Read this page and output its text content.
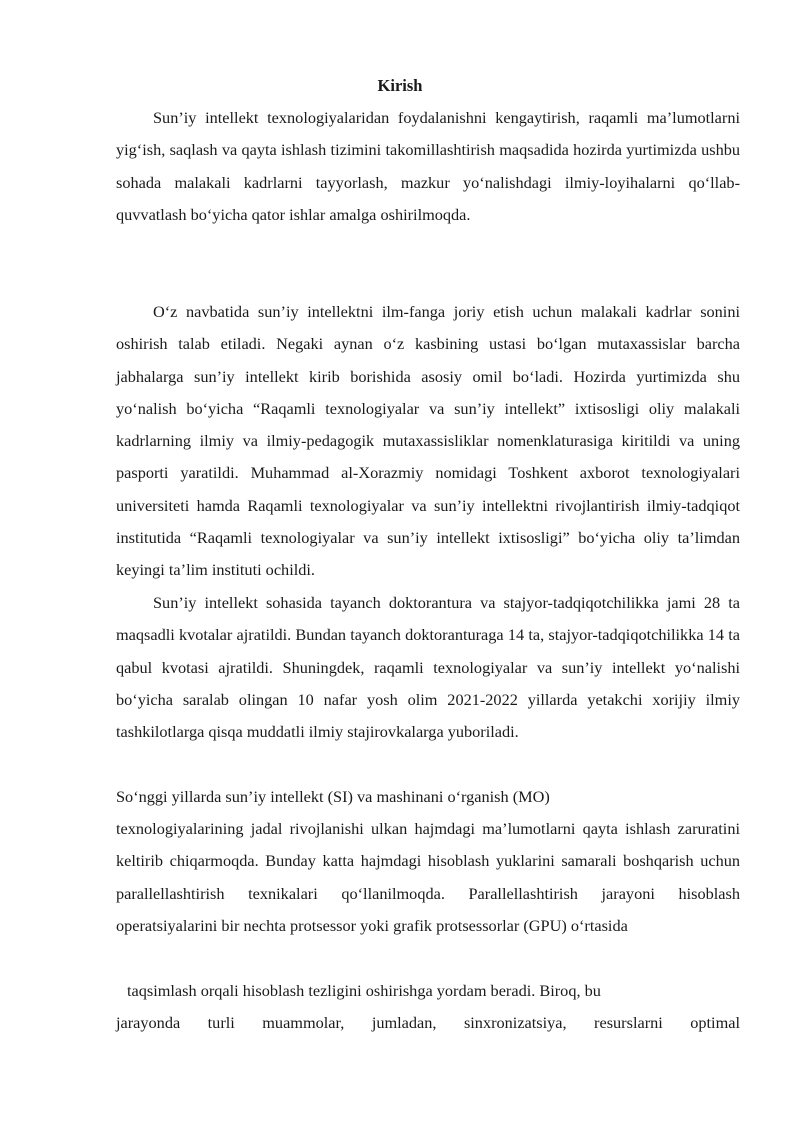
Kirish

Sun’iy intellekt texnologiyalaridan foydalanishni kengaytirish, raqamli ma’lumotlarni yig‘ish, saqlash va qayta ishlash tizimini takomillashtirish maqsadida hozirda yurtimizda ushbu sohada malakali kadrlarni tayyorlash, mazkur yo‘nalishdagi ilmiy-loyihalarni qo‘llab-quvvatlash bo‘yicha qator ishlar amalga oshirilmoqda.

O‘z navbatida sun’iy intellektni ilm-fanga joriy etish uchun malakali kadrlar sonini oshirish talab etiladi. Negaki aynan o‘z kasbining ustasi bo‘lgan mutaxassislar barcha jabhalarga sun’iy intellekt kirib borishida asosiy omil bo‘ladi. Hozirda yurtimizda shu yo‘nalish bo‘yicha “Raqamli texnologiyalar va sun’iy intellekt” ixtisosligi oliy malakali kadrlarning ilmiy va ilmiy-pedagogik mutaxassisliklar nomenklaturasiga kiritildi va uning pasporti yaratildi. Muhammad al-Xorazmiy nomidagi Toshkent axborot texnologiyalari universiteti hamda Raqamli texnologiyalar va sun’iy intellektni rivojlantirish ilmiy-tadqiqot institutida “Raqamli texnologiyalar va sun’iy intellekt ixtisosligi” bo‘yicha oliy ta’limdan keyingi ta’lim instituti ochildi.

Sun’iy intellekt sohasida tayanch doktorantura va stajyor-tadqiqotchilikka jami 28 ta maqsadli kvotalar ajratildi. Bundan tayanch doktoranturaga 14 ta, stajyor-tadqiqotchilikka 14 ta qabul kvotasi ajratildi. Shuningdek, raqamli texnologiyalar va sun’iy intellekt yo‘nalishi bo‘yicha saralab olingan 10 nafar yosh olim 2021-2022 yillarda yetakchi xorijiy ilmiy tashkilotlarga qisqa muddatli ilmiy stajirovkalarga yuboriladi.

So‘nggi yillarda sun’iy intellekt (SI) va mashinani o‘rganish (MO)

texnologiyalarining jadal rivojlanishi ulkan hajmdagi ma’lumotlarni qayta ishlash zaruratini keltirib chiqarmoqda. Bunday katta hajmdagi hisoblash yuklarini samarali boshqarish uchun parallellashtirish texnikalari qo‘llanilmoqda. Parallellashtirish jarayoni hisoblash operatsiyalarini bir nechta protsessor yoki grafik protsessorlar (GPU) o‘rtasida

taqsimlash orqali hisoblash tezligini oshirishga yordam beradi. Biroq, bu

jarayonda turli muammolar, jumladan, sinxronizatsiya, resurslarni optimal
